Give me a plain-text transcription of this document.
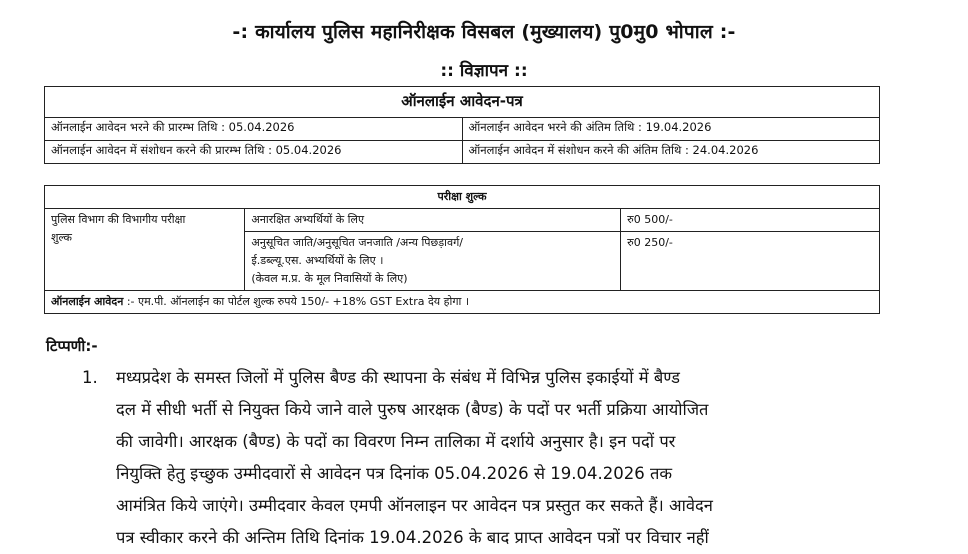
-: कार्यालय पुलिस महानिरीक्षक विसबल (मुख्यालय) पु0मु0 भोपाल :-
:: विज्ञापन ::
ऑनलाईन आवेदन-पत्र	
ऑनलाईन आवेदन भरने की प्रारम्भ तिथि : 05.04.2026	ऑनलाईन आवेदन भरने की अंतिम तिथि : 19.04.2026
ऑनलाईन आवेदन में संशोधन करने की प्रारम्भ तिथि : 05.04.2026	ऑनलाईन आवेदन में संशोधन करने की अंतिम तिथि : 24.04.2026
परीक्षा शुल्क		
पुलिस विभाग की विभागीय परीक्षा
शुल्क	अनारक्षित अभ्यर्थियों के लिए	रु0 500/-
	अनुसूचित जाति/अनुसूचित जनजाति /अन्य पिछड़ावर्ग/
ई.डब्ल्यू.एस. अभ्यर्थियों के लिए ।
(केवल म.प्र. के मूल निवासियों के लिए)	रु0 250/-
ऑनलाईन आवेदन :- एम.पी. ऑनलाईन का पोर्टल शुल्क रुपये 150/- +18% GST Extra देय होगा ।		
टिप्पणी:-
1.	मध्यप्रदेश के समस्त जिलों में पुलिस बैण्ड की स्थापना के संबंध में विभिन्न पुलिस इकाईयों में बैण्ड
दल में सीधी भर्ती से नियुक्त किये जाने वाले पुरुष आरक्षक (बैण्ड) के पदों पर भर्ती प्रक्रिया आयोजित
की जावेगी। आरक्षक (बैण्ड) के पदों का विवरण निम्न तालिका में दर्शाये अनुसार है। इन पदों पर
नियुक्ति हेतु इच्छुक उम्मीदवारों से आवेदन पत्र दिनांक 05.04.2026 से 19.04.2026 तक
आमंत्रित किये जाएंगे। उम्मीदवार केवल एमपी ऑनलाइन पर आवेदन पत्र प्रस्तुत कर सकते हैं। आवेदन
पत्र स्वीकार करने की अन्तिम तिथि दिनांक 19.04.2026 के बाद प्राप्त आवेदन पत्रों पर विचार नहीं
